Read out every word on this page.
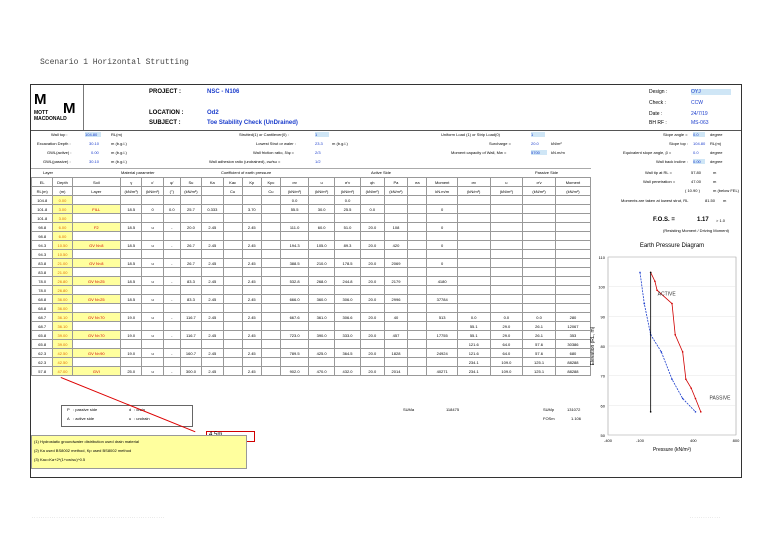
Scenario 1 Horizontal Strutting
M
M
MOTT
MACDONALD
PROJECT :	NSC - N106
LOCATION :	Od2
SUBJECT :	Toe Stability Check (UnDrained)
Design :	OYJ
Check :	CCW
Date :	24/7/19
BH RF :	MS-063
Wall top :	104.80	RL(m)
Excavation Depth :	30.10	m (b.g.l.)
GWL(active) :	0.00	m (b.g.l.)
GWL(passive) :	30.10	m (b.g.l.)
Strutted(1) or Cantilever(0) :	1
Lowest Strut or waler :	23.3 m (b.g.l.)
Wall friction ratio, δ/φ =	2/3
Wall adhesion ratio (undrained), cw/su =	1/2
Uniform Load (1) or Strip Load(0)	1
Surcharge =	20.0	kN/m²
Moment capacity of Wall, Mw =	5700	kN.m/m
Slope angle = 0.0	degree
Slope top : 104.80 RL(m)
Equivalent slope angle, β =	0.0	degree
Wall back incline : 0.00	degree
Layer	Material parameter	Coefficient of earth pressure	Active Side	Passive Side
EL	Depth	Soil	γ	c'	φ'	Su	Ka	Kac	Kp	Kpc	σv	u	σ'v	qh	Pa	ea	Moment	σv	u	σ'v	Moment
RL(m)	(m)	Layer	(kN/m³)	(kN/m²)	(°)	(kN/m²)		Cu		Cu	(kN/m²)	(kN/m²)	(kN/m²)	(kN/m²)	(kN/m²)		kN.m/m	(kN/m²)	(kN/m²)	(kN/m²)	(kN/m²)
104.8	0.00										0.0		0.0								
101.8	3.00	FILL	18.5	0	0.0	25.7	0.333		3.70		55.5	30.0	25.5	0.0			0				
101.8	3.00																				
98.8	6.00	F2	18.5	u	-	20.0	2.45		2.45		111.0	60.0	51.0	20.0	108		0				
98.8	6.00																				
94.3	10.50	GV N<8	18.5	u	-	26.7	2.45		2.45		194.3	105.0	89.3	20.0	420		0				
94.3	10.50																				
83.8	21.00	GV N<8	18.5	u	-	26.7	2.45		2.45		388.5	210.0	178.5	20.0	2069		0				
83.8	21.00																				
78.0	26.80	GV N<25	18.5	u	-	83.3	2.45		2.45		532.8	268.0	244.8	20.0	2179		4180				
78.0	26.80																				
68.8	36.00	GV N<25	18.5	u	-	83.3	2.45		2.45		666.0	360.0	306.0	20.0	2996		37784				
68.8	36.00																				
68.7	36.10	GV N<70	19.0	u	-	116.7	2.45		2.45		667.6	361.0	306.6	20.0	40		513	0.0	0.0	0.0	280
68.7	36.10																	55.1	29.0	26.1	12067
65.8	39.00	GV N<70	19.0	u	-	116.7	2.45		2.45		723.0	390.0	333.0	20.0	457		17755	55.1	29.0	26.1	353
65.8	39.00																	121.6	64.0	57.6	30386
62.3	42.50	GV N<90	19.0	u	-	160.7	2.45		2.45		789.5	425.0	364.5	20.0	1828		24924	121.6	64.0	57.6	680
62.3	42.50																	234.1	109.0	125.1	88288
57.8	47.00	GVI	25.0	u	-	300.0	2.45		2.45		902.0	470.0	432.0	20.0	2014		40271	234.1	109.0	125.1	88288
P : passive side	d : drain
A : active side	u : undrain
SUMa	118475	SUMp	131072
FOSm	1.106
(1) Hydrostatic groundwater distribution used drain material
(2) Ka used BS8002 method, Kp used BS8002 method
(3) Kac=Ka+2*(1+cw/su)^0.5
Wall tip at RL =	57.80	m
Wall penetration =	47.00	m
( 10.90 )	m (below FEL)
Moments are taken at lowest strut, RL	81.50 m
F.O.S. =	1.17 > 1.0
(Resisting Moment / Driving Moment)
Earth Pressure Diagram
50
60
70
80
90
100
110
-400	-100	400	800
Pressure (kN/m²)
Elevation (RL, m)
ACTIVE
PASSIVE
. . . . . . . . . . . . . . . . . . . . . . . . . . . . . . . . . . . . . . . . . . . . . . . . . . . . . . . . . . . .	. . . . . . . . . . . . . .
